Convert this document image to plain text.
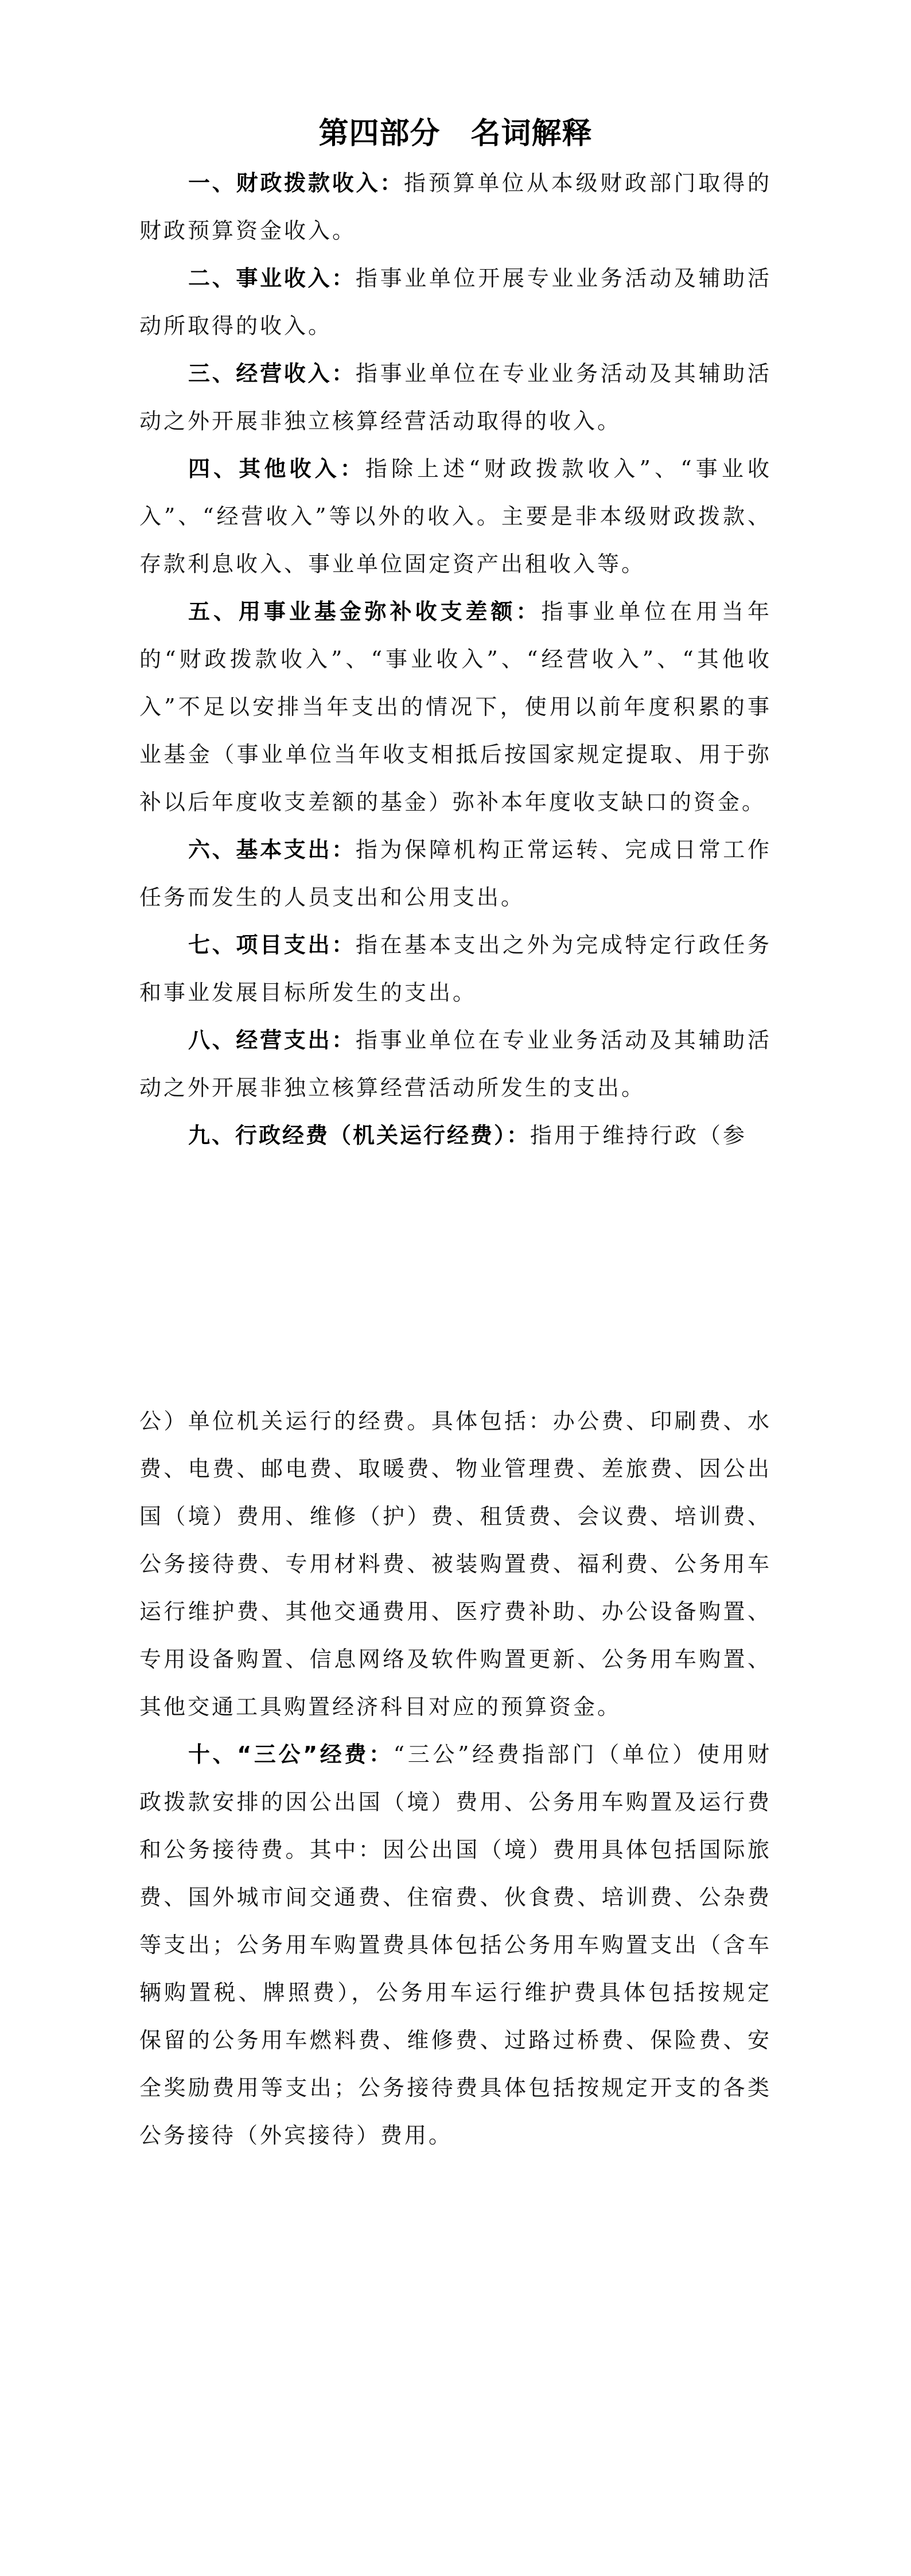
第四部分　名词解释

一、财政拨款收入：指预算单位从本级财政部门取得的财政预算资金收入。

二、事业收入：指事业单位开展专业业务活动及辅助活动所取得的收入。

三、经营收入：指事业单位在专业业务活动及其辅助活动之外开展非独立核算经营活动取得的收入。

四、其他收入：指除上述“财政拨款收入”、“事业收入”、“经营收入”等以外的收入。主要是非本级财政拨款、存款利息收入、事业单位固定资产出租收入等。

五、用事业基金弥补收支差额：指事业单位在用当年的“财政拨款收入”、“事业收入”、“经营收入”、“其他收入”不足以安排当年支出的情况下，使用以前年度积累的事业基金（事业单位当年收支相抵后按国家规定提取、用于弥补以后年度收支差额的基金）弥补本年度收支缺口的资金。

六、基本支出：指为保障机构正常运转、完成日常工作任务而发生的人员支出和公用支出。

七、项目支出：指在基本支出之外为完成特定行政任务和事业发展目标所发生的支出。

八、经营支出：指事业单位在专业业务活动及其辅助活动之外开展非独立核算经营活动所发生的支出。

九、行政经费（机关运行经费）：指用于维持行政（参

公）单位机关运行的经费。具体包括：办公费、印刷费、水费、电费、邮电费、取暖费、物业管理费、差旅费、因公出国（境）费用、维修（护）费、租赁费、会议费、培训费、公务接待费、专用材料费、被装购置费、福利费、公务用车运行维护费、其他交通费用、医疗费补助、办公设备购置、专用设备购置、信息网络及软件购置更新、公务用车购置、其他交通工具购置经济科目对应的预算资金。

十、“三公”经费：“三公”经费指部门（单位）使用财政拨款安排的因公出国（境）费用、公务用车购置及运行费和公务接待费。其中：因公出国（境）费用具体包括国际旅费、国外城市间交通费、住宿费、伙食费、培训费、公杂费等支出；公务用车购置费具体包括公务用车购置支出（含车辆购置税、牌照费），公务用车运行维护费具体包括按规定保留的公务用车燃料费、维修费、过路过桥费、保险费、安全奖励费用等支出；公务接待费具体包括按规定开支的各类公务接待（外宾接待）费用。
